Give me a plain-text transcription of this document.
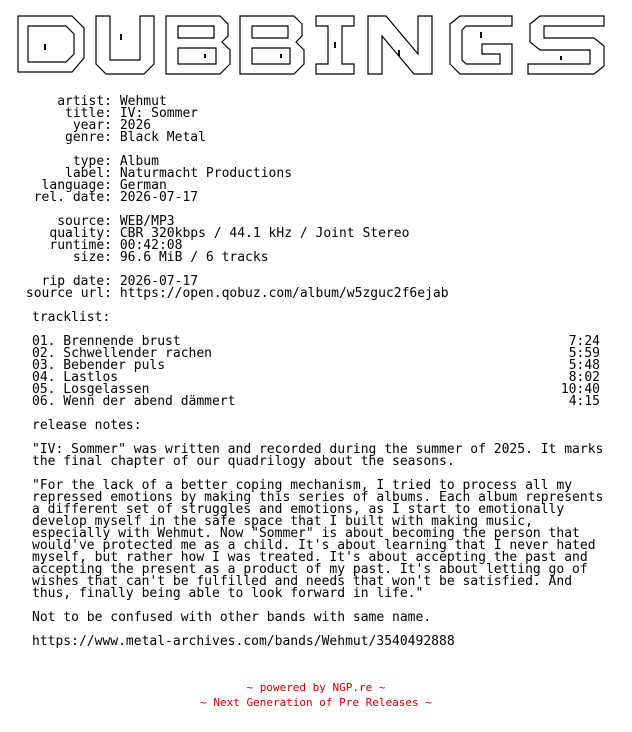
artist: Wehmut
title: IV: Sommer
year: 2026
genre: Black Metal
type: Album
label: Naturmacht Productions
language: German
rel. date: 2026-07-17
source: WEB/MP3
quality: CBR 320kbps / 44.1 kHz / Joint Stereo
runtime: 00:42:08
size: 96.6 MiB / 6 tracks
rip date: 2026-07-17
source url: https://open.qobuz.com/album/w5zguc2f6ejab
tracklist:
01. Brennende brust	7:24
02. Schwellender rachen	5:59
03. Bebender puls	5:48
04. Lastlos	8:02
05. Losgelassen	10:40
06. Wenn der abend dämmert	4:15
release notes:
"IV: Sommer" was written and recorded during the summer of 2025. It marks
the final chapter of our quadrilogy about the seasons.
"For the lack of a better coping mechanism, I tried to process all my
repressed emotions by making this series of albums. Each album represents
a different set of struggles and emotions, as I start to emotionally
develop myself in the safe space that I built with making music,
especially with Wehmut. Now "Sommer" is about becoming the person that
would've protected me as a child. It's about learning that I never hated
myself, but rather how I was treated. It's about accepting the past and
accepting the present as a product of my past. It's about letting go of
wishes that can't be fulfilled and needs that won't be satisfied. And
thus, finally being able to look forward in life."
Not to be confused with other bands with same name.
https://www.metal-archives.com/bands/Wehmut/3540492888
~ powered by NGP.re ~
~ Next Generation of Pre Releases ~
